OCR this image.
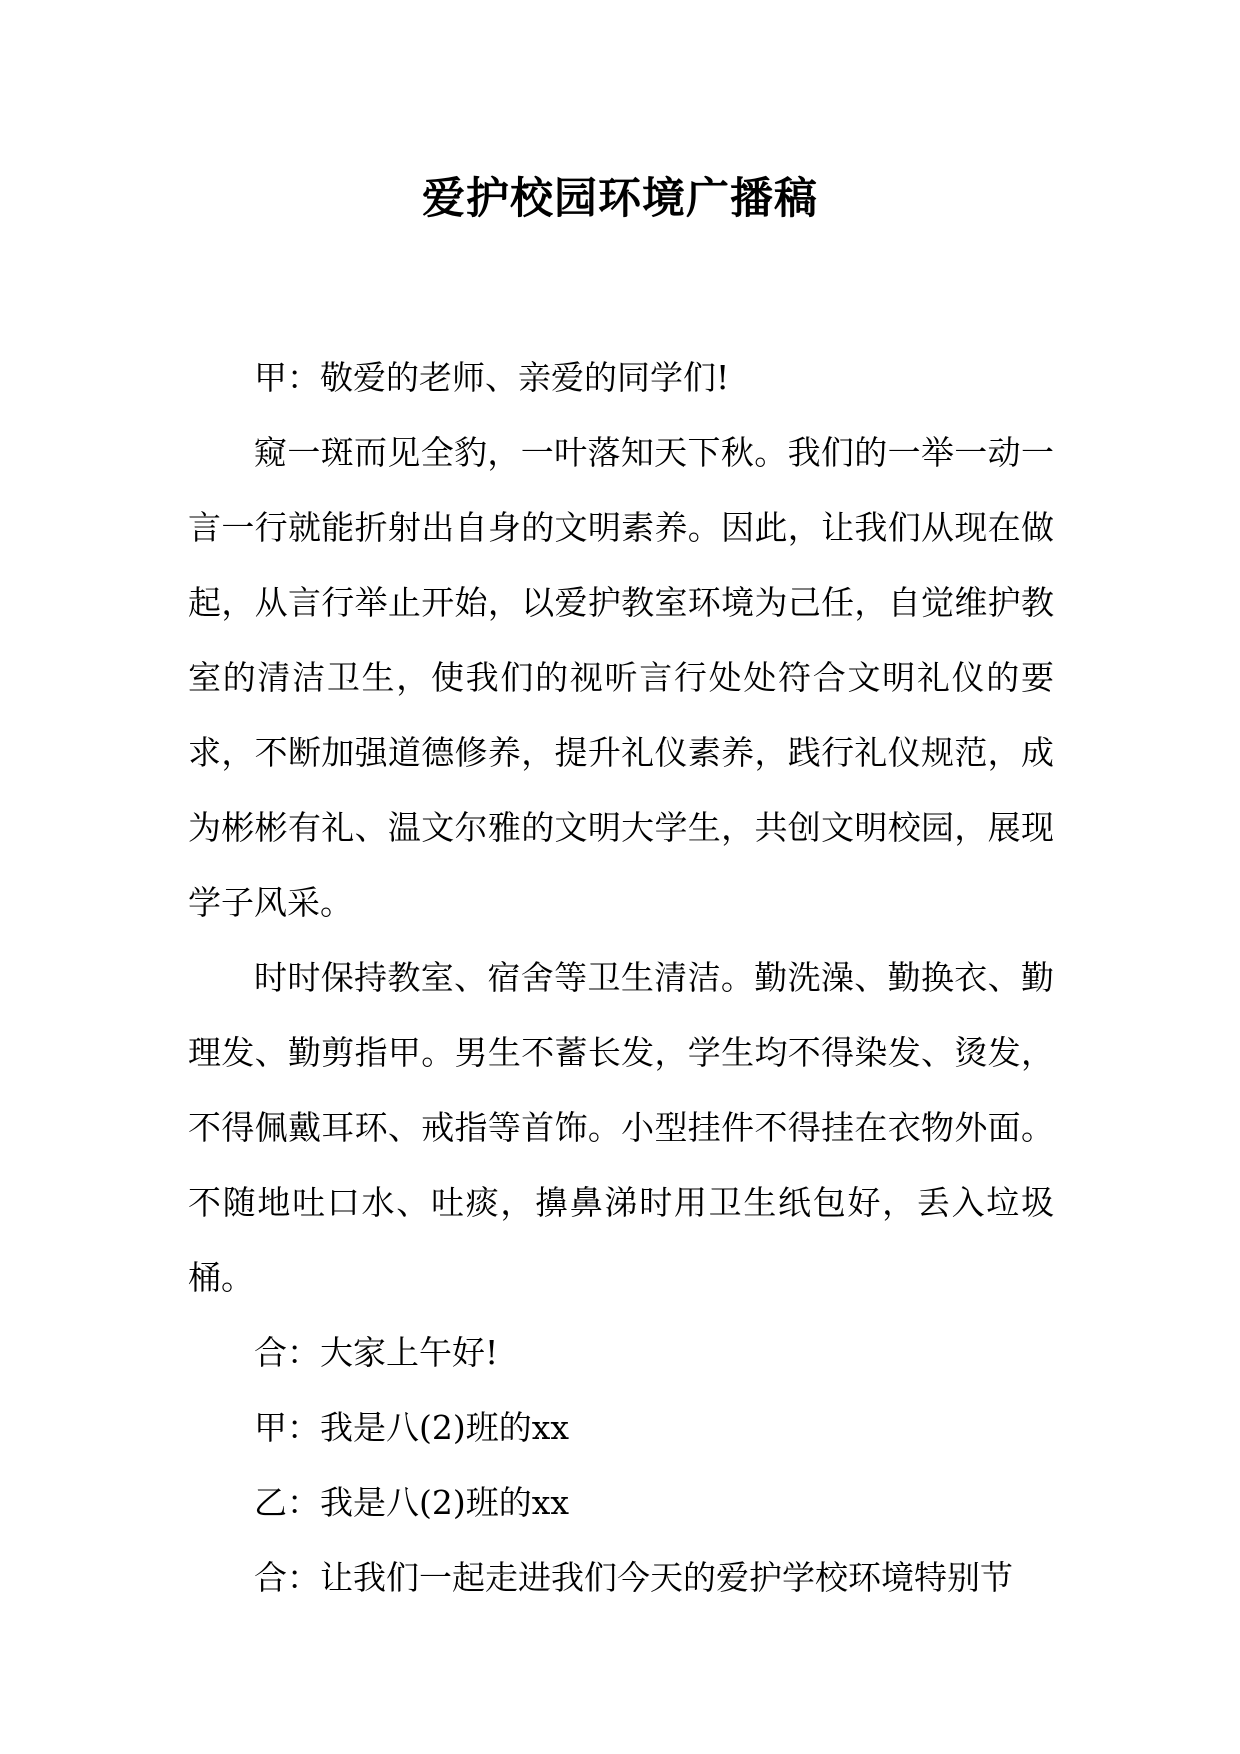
爱护校园环境广播稿

甲：敬爱的老师、亲爱的同学们!

窥一斑而见全豹，一叶落知天下秋。我们的一举一动一言一行就能折射出自身的文明素养。因此，让我们从现在做起，从言行举止开始，以爱护教室环境为己任，自觉维护教室的清洁卫生，使我们的视听言行处处符合文明礼仪的要求，不断加强道德修养，提升礼仪素养，践行礼仪规范，成为彬彬有礼、温文尔雅的文明大学生，共创文明校园，展现学子风采。

时时保持教室、宿舍等卫生清洁。勤洗澡、勤换衣、勤理发、勤剪指甲。男生不蓄长发，学生均不得染发、烫发，不得佩戴耳环、戒指等首饰。小型挂件不得挂在衣物外面。不随地吐口水、吐痰，擤鼻涕时用卫生纸包好，丢入垃圾桶。

合：大家上午好!

甲：我是八(2)班的xx

乙：我是八(2)班的xx

合：让我们一起走进我们今天的爱护学校环境特别节
